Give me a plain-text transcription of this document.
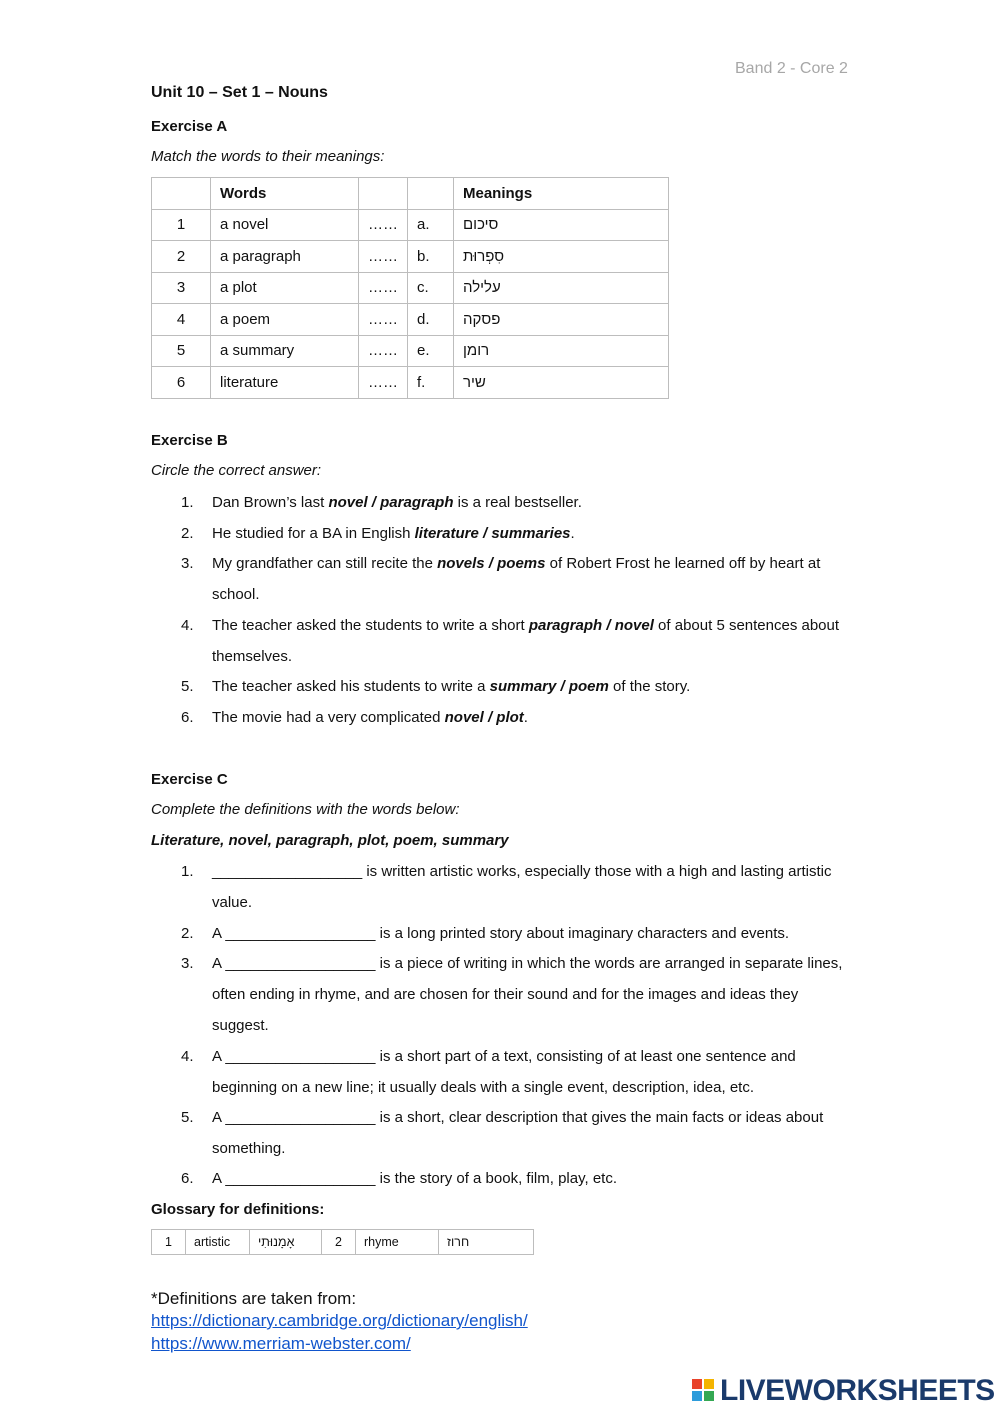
Band 2 - Core 2
Unit 10 – Set 1 – Nouns
Exercise A
Match the words to their meanings:
	Words			Meanings
1	a novel	……	a.	סיכום
2	a paragraph	……	b.	סִפְרוּת
3	a plot	……	c.	עלילה
4	a poem	……	d.	פסקה
5	a summary	……	e.	רומן
6	literature	……	f.	שיר
Exercise B
Circle the correct answer:
1. Dan Brown’s last novel / paragraph is a real bestseller.
2. He studied for a BA in English literature / summaries.
3. My grandfather can still recite the novels / poems of Robert Frost he learned off by heart at school.
4. The teacher asked the students to write a short paragraph / novel of about 5 sentences about themselves.
5. The teacher asked his students to write a summary / poem of the story.
6. The movie had a very complicated novel / plot.
Exercise C
Complete the definitions with the words below:
Literature, novel, paragraph, plot, poem, summary
1. __________________ is written artistic works, especially those with a high and lasting artistic value.
2. A __________________ is a long printed story about imaginary characters and events.
3. A __________________ is a piece of writing in which the words are arranged in separate lines, often ending in rhyme, and are chosen for their sound and for the images and ideas they suggest.
4. A __________________ is a short part of a text, consisting of at least one sentence and beginning on a new line; it usually deals with a single event, description, idea, etc.
5. A __________________ is a short, clear description that gives the main facts or ideas about something.
6. A __________________ is the story of a book, film, play, etc.
Glossary for definitions:
1	artistic	אָמָנוּתִי	2	rhyme	חרוז
*Definitions are taken from:
https://dictionary.cambridge.org/dictionary/english/
https://www.merriam-webster.com/
LIVEWORKSHEETS
